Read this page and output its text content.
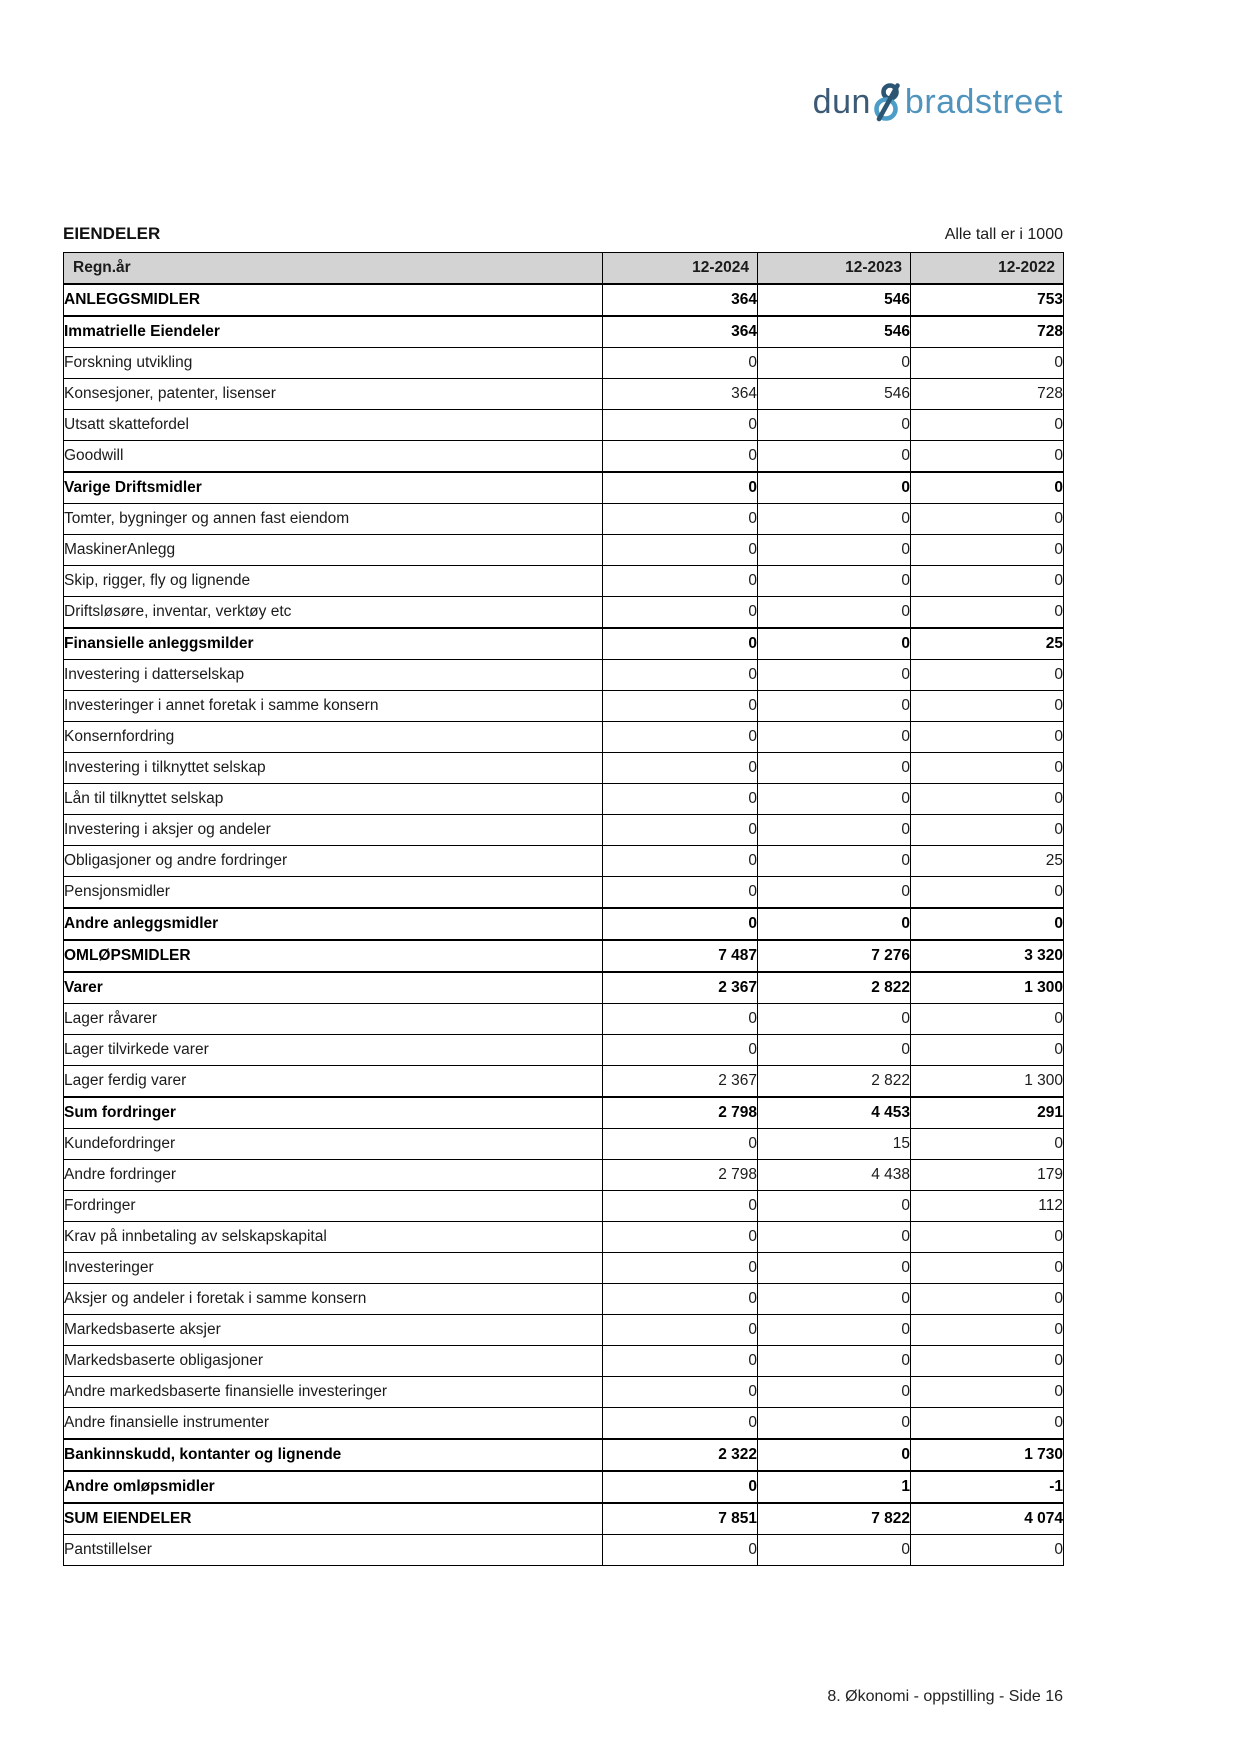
dun bradstreet
EIENDELER	Alle tall er i 1000
Regn.år	12-2024	12-2023	12-2022
ANLEGGSMIDLER	364	546	753
Immatrielle Eiendeler	364	546	728
Forskning utvikling	0	0	0
Konsesjoner, patenter, lisenser	364	546	728
Utsatt skattefordel	0	0	0
Goodwill	0	0	0
Varige Driftsmidler	0	0	0
Tomter, bygninger og annen fast eiendom	0	0	0
MaskinerAnlegg	0	0	0
Skip, rigger, fly og lignende	0	0	0
Driftsløsøre, inventar, verktøy etc	0	0	0
Finansielle anleggsmilder	0	0	25
Investering i datterselskap	0	0	0
Investeringer i annet foretak i samme konsern	0	0	0
Konsernfordring	0	0	0
Investering i tilknyttet selskap	0	0	0
Lån til tilknyttet selskap	0	0	0
Investering i aksjer og andeler	0	0	0
Obligasjoner og andre fordringer	0	0	25
Pensjonsmidler	0	0	0
Andre anleggsmidler	0	0	0
OMLØPSMIDLER	7 487	7 276	3 320
Varer	2 367	2 822	1 300
Lager råvarer	0	0	0
Lager tilvirkede varer	0	0	0
Lager ferdig varer	2 367	2 822	1 300
Sum fordringer	2 798	4 453	291
Kundefordringer	0	15	0
Andre fordringer	2 798	4 438	179
Fordringer	0	0	112
Krav på innbetaling av selskapskapital	0	0	0
Investeringer	0	0	0
Aksjer og andeler i foretak i samme konsern	0	0	0
Markedsbaserte aksjer	0	0	0
Markedsbaserte obligasjoner	0	0	0
Andre markedsbaserte finansielle investeringer	0	0	0
Andre finansielle instrumenter	0	0	0
Bankinnskudd, kontanter og lignende	2 322	0	1 730
Andre omløpsmidler	0	1	-1
SUM EIENDELER	7 851	7 822	4 074
Pantstillelser	0	0	0
8. Økonomi - oppstilling - Side 16
